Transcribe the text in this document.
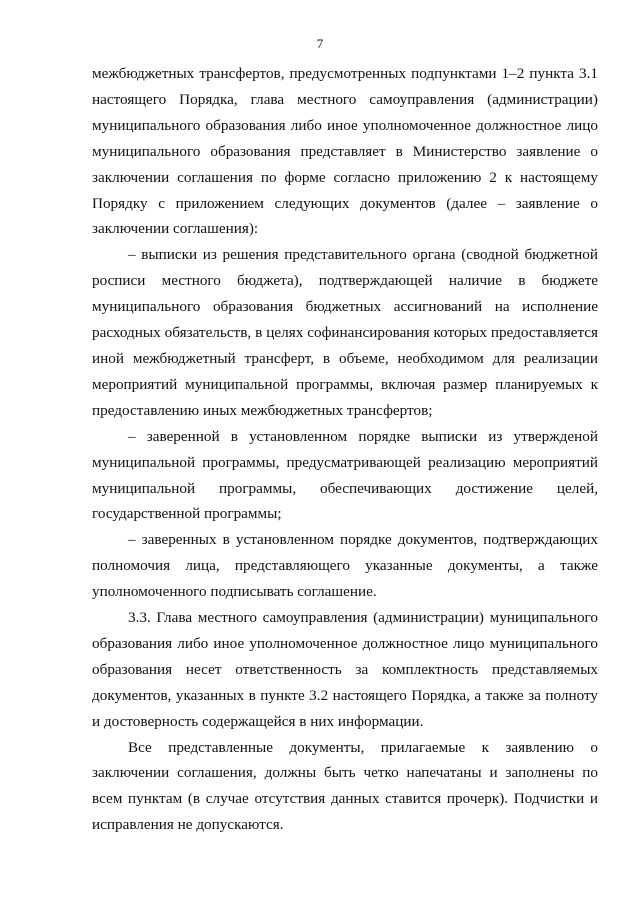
7

межбюджетных трансфертов, предусмотренных подпунктами 1–2 пункта 3.1 настоящего Порядка, глава местного самоуправления (администрации) муниципального образования либо иное уполномоченное должностное лицо муниципального образования представляет в Министерство заявление о заключении соглашения по форме согласно приложению 2 к настоящему Порядку с приложением следующих документов (далее – заявление о заключении соглашения):

– выписки из решения представительного органа (сводной бюджетной росписи местного бюджета), подтверждающей наличие в бюджете муниципального образования бюджетных ассигнований на исполнение расходных обязательств, в целях софинансирования которых предоставляется иной межбюджетный трансферт, в объеме, необходимом для реализации мероприятий муниципальной программы, включая размер планируемых к предоставлению иных межбюджетных трансфертов;

– заверенной в установленном порядке выписки из утвержденой муниципальной программы, предусматривающей реализацию мероприятий муниципальной программы, обеспечивающих достижение целей, государственной программы;

– заверенных в установленном порядке документов, подтверждающих полномочия лица, представляющего указанные документы, а также уполномоченного подписывать соглашение.

3.3. Глава местного самоуправления (администрации) муниципального образования либо иное уполномоченное должностное лицо муниципального образования несет ответственность за комплектность представляемых документов, указанных в пункте 3.2 настоящего Порядка, а также за полноту и достоверность содержащейся в них информации.

Все представленные документы, прилагаемые к заявлению о заключении соглашения, должны быть четко напечатаны и заполнены по всем пунктам (в случае отсутствия данных ставится прочерк). Подчистки и исправления не допускаются.
